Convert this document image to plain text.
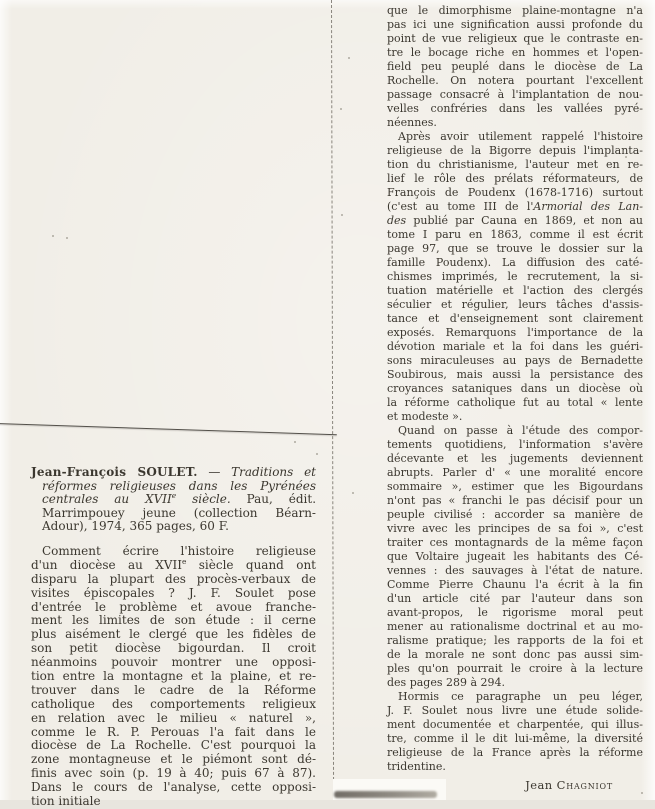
Jean-François SOULET. — Traditions et
réformes religieuses dans les Pyrénées
centrales au XVIIe siècle. Pau, édit.
Marrimpouey jeune (collection Béarn-
Adour), 1974, 365 pages, 60 F.
Comment écrire l'histoire religieuse
d'un diocèse au XVIIe siècle quand ont
disparu la plupart des procès-verbaux de
visites épiscopales ? J. F. Soulet pose
d'entrée le problème et avoue franche-
ment les limites de son étude : il cerne
plus aisément le clergé que les fidèles de
son petit diocèse bigourdan. Il croit
néanmoins pouvoir montrer une opposi-
tion entre la montagne et la plaine, et re-
trouver dans le cadre de la Réforme
catholique des comportements religieux
en relation avec le milieu « naturel »,
comme le R. P. Perouas l'a fait dans le
diocèse de La Rochelle. C'est pourquoi la
zone montagneuse et le piémont sont dé-
finis avec soin (p. 19 à 40; puis 67 à 87).
Dans le cours de l'analyse, cette opposi-
tion initiale
que le dimorphisme plaine-montagne n'a
pas ici une signification aussi profonde du
point de vue religieux que le contraste en-
tre le bocage riche en hommes et l'open-
field peu peuplé dans le diocèse de La
Rochelle. On notera pourtant l'excellent
passage consacré à l'implantation de nou-
velles confréries dans les vallées pyré-
néennes.
Après avoir utilement rappelé l'histoire
religieuse de la Bigorre depuis l'implanta-
tion du christianisme, l'auteur met en re-
lief le rôle des prélats réformateurs, de
François de Poudenx (1678-1716) surtout
(c'est au tome III de l'Armorial des Lan-
des publié par Cauna en 1869, et non au
tome I paru en 1863, comme il est écrit
page 97, que se trouve le dossier sur la
famille Poudenx). La diffusion des caté-
chismes imprimés, le recrutement, la si-
tuation matérielle et l'action des clergés
séculier et régulier, leurs tâches d'assis-
tance et d'enseignement sont clairement
exposés. Remarquons l'importance de la
dévotion mariale et la foi dans les guéri-
sons miraculeuses au pays de Bernadette
Soubirous, mais aussi la persistance des
croyances sataniques dans un diocèse où
la réforme catholique fut au total « lente
et modeste ».
Quand on passe à l'étude des compor-
tements quotidiens, l'information s'avère
décevante et les jugements deviennent
abrupts. Parler d' « une moralité encore
sommaire », estimer que les Bigourdans
n'ont pas « franchi le pas décisif pour un
peuple civilisé : accorder sa manière de
vivre avec les principes de sa foi », c'est
traiter ces montagnards de la même façon
que Voltaire jugeait les habitants des Cé-
vennes : des sauvages à l'état de nature.
Comme Pierre Chaunu l'a écrit à la fin
d'un article cité par l'auteur dans son
avant-propos, le rigorisme moral peut
mener au rationalisme doctrinal et au mo-
ralisme pratique; les rapports de la foi et
de la morale ne sont donc pas aussi sim-
ples qu'on pourrait le croire à la lecture
des pages 289 à 294.
Hormis ce paragraphe un peu léger,
J. F. Soulet nous livre une étude solide-
ment documentée et charpentée, qui illus-
tre, comme il le dit lui-même, la diversité
religieuse de la France après la réforme
tridentine.
Jean Chagniot
